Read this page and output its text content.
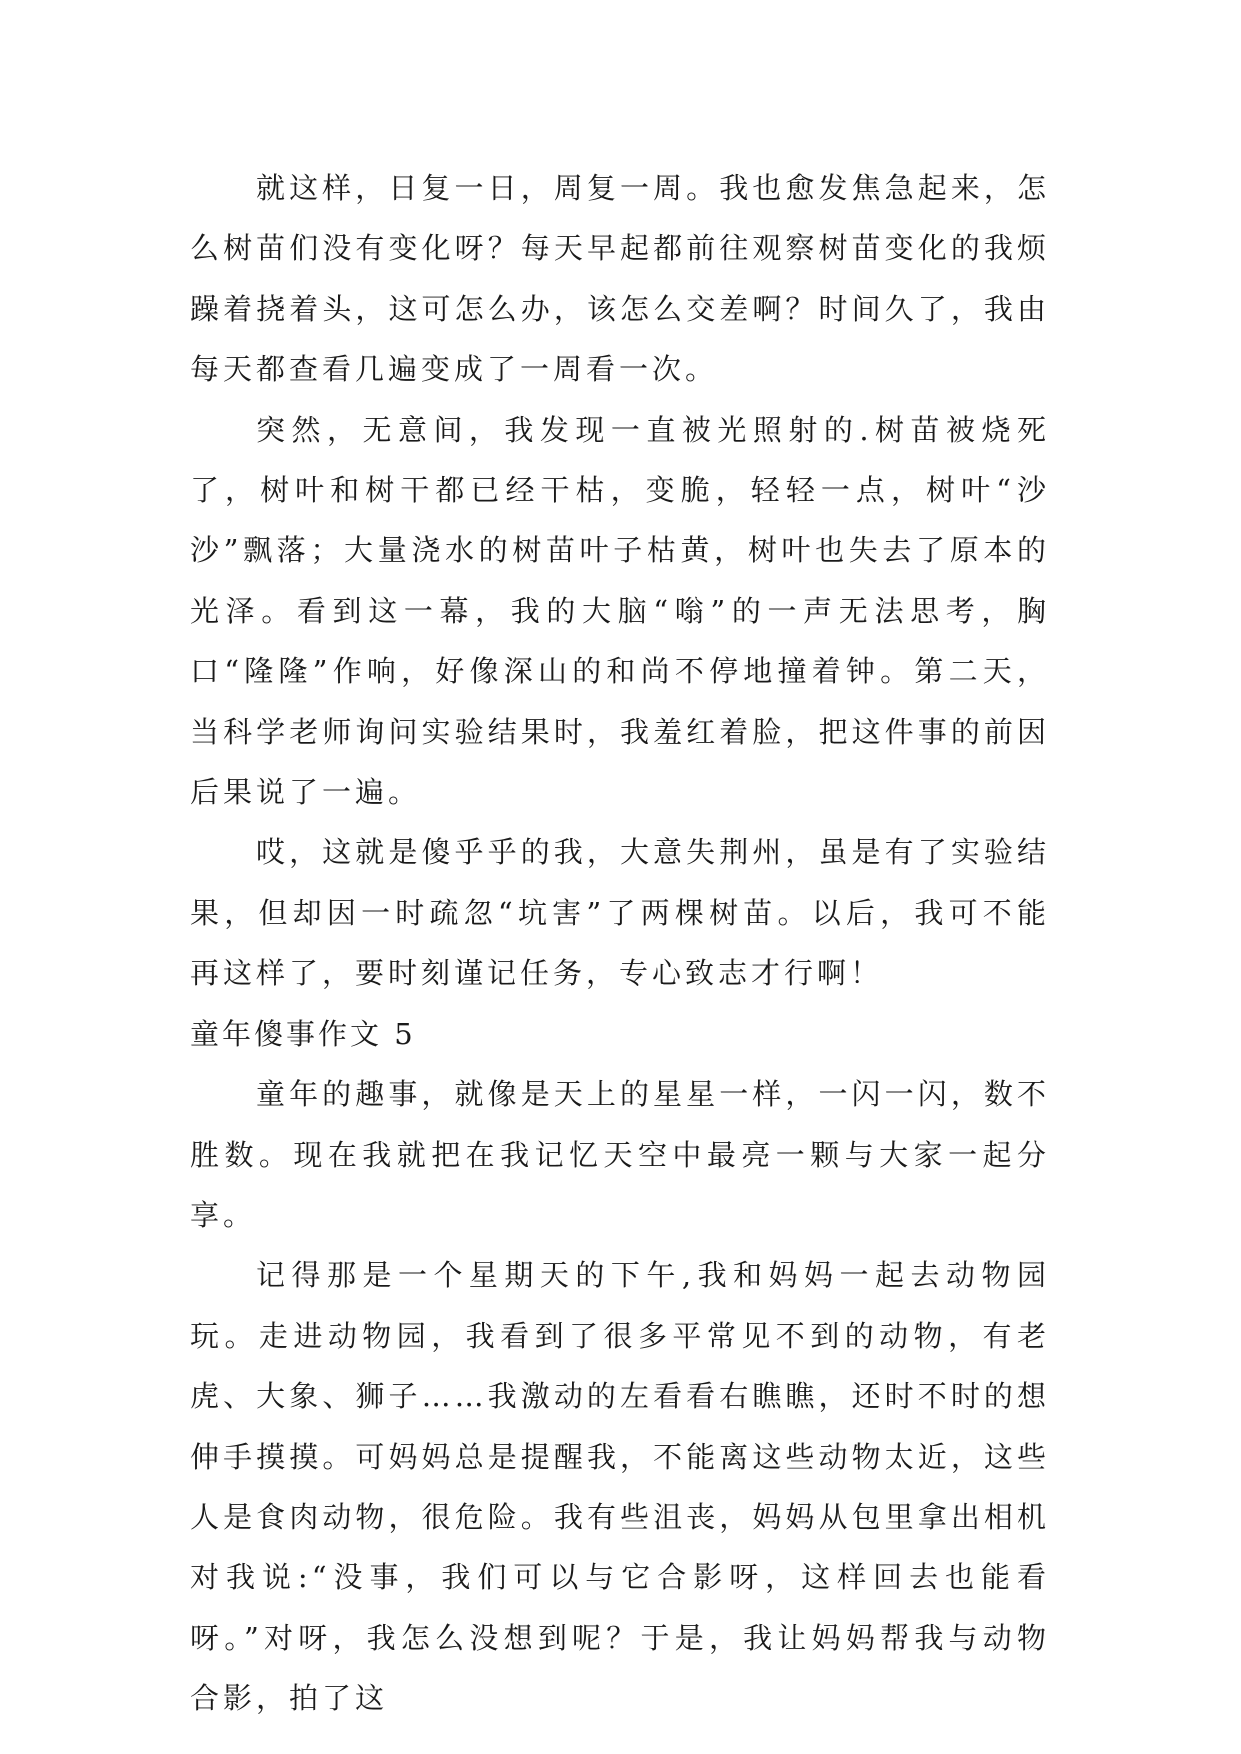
就这样，日复一日，周复一周。我也愈发焦急起来，怎么树苗们没有变化呀？每天早起都前往观察树苗变化的我烦躁着挠着头，这可怎么办，该怎么交差啊？时间久了，我由每天都查看几遍变成了一周看一次。

突然，无意间，我发现一直被光照射的.树苗被烧死了，树叶和树干都已经干枯，变脆，轻轻一点，树叶“沙沙”飘落；大量浇水的树苗叶子枯黄，树叶也失去了原本的光泽。看到这一幕，我的大脑“嗡”的一声无法思考，胸口“隆隆”作响，好像深山的和尚不停地撞着钟。第二天，当科学老师询问实验结果时，我羞红着脸，把这件事的前因后果说了一遍。

哎，这就是傻乎乎的我，大意失荆州，虽是有了实验结果，但却因一时疏忽“坑害”了两棵树苗。以后，我可不能再这样了，要时刻谨记任务，专心致志才行啊！

童年傻事作文 5

童年的趣事，就像是天上的星星一样，一闪一闪，数不胜数。现在我就把在我记忆天空中最亮一颗与大家一起分享。

记得那是一个星期天的下午,我和妈妈一起去动物园玩。走进动物园，我看到了很多平常见不到的动物，有老虎、大象、狮子……我激动的左看看右瞧瞧，还时不时的想伸手摸摸。可妈妈总是提醒我，不能离这些动物太近，这些人是食肉动物，很危险。我有些沮丧，妈妈从包里拿出相机对我说:“没事，我们可以与它合影呀，这样回去也能看呀。”对呀，我怎么没想到呢？于是，我让妈妈帮我与动物合影，拍了这
